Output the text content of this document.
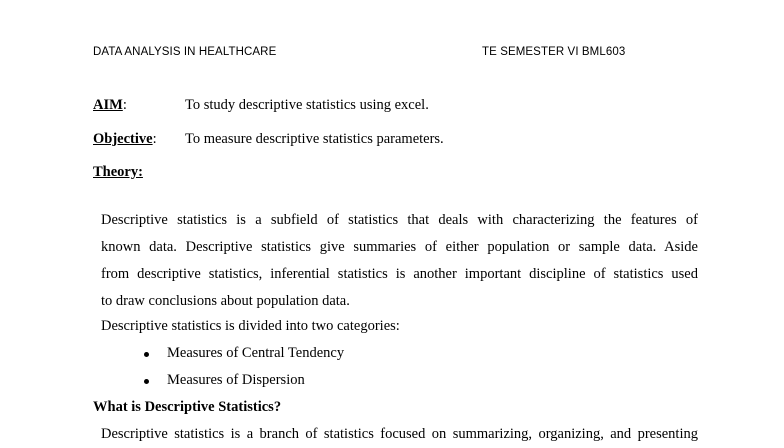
DATA ANALYSIS IN HEALTHCARE	TE SEMESTER VI BML603
AIM:	To study descriptive statistics using excel.
Objective: To measure descriptive statistics parameters.
Theory:
Descriptive statistics is a subfield of statistics that deals with characterizing the features of
known data. Descriptive statistics give summaries of either population or sample data. Aside
from descriptive statistics, inferential statistics is another important discipline of statistics used
to draw conclusions about population data.
Descriptive statistics is divided into two categories:
Measures of Central Tendency
Measures of Dispersion
What is Descriptive Statistics?
Descriptive statistics is a branch of statistics focused on summarizing, organizing, and presenting
